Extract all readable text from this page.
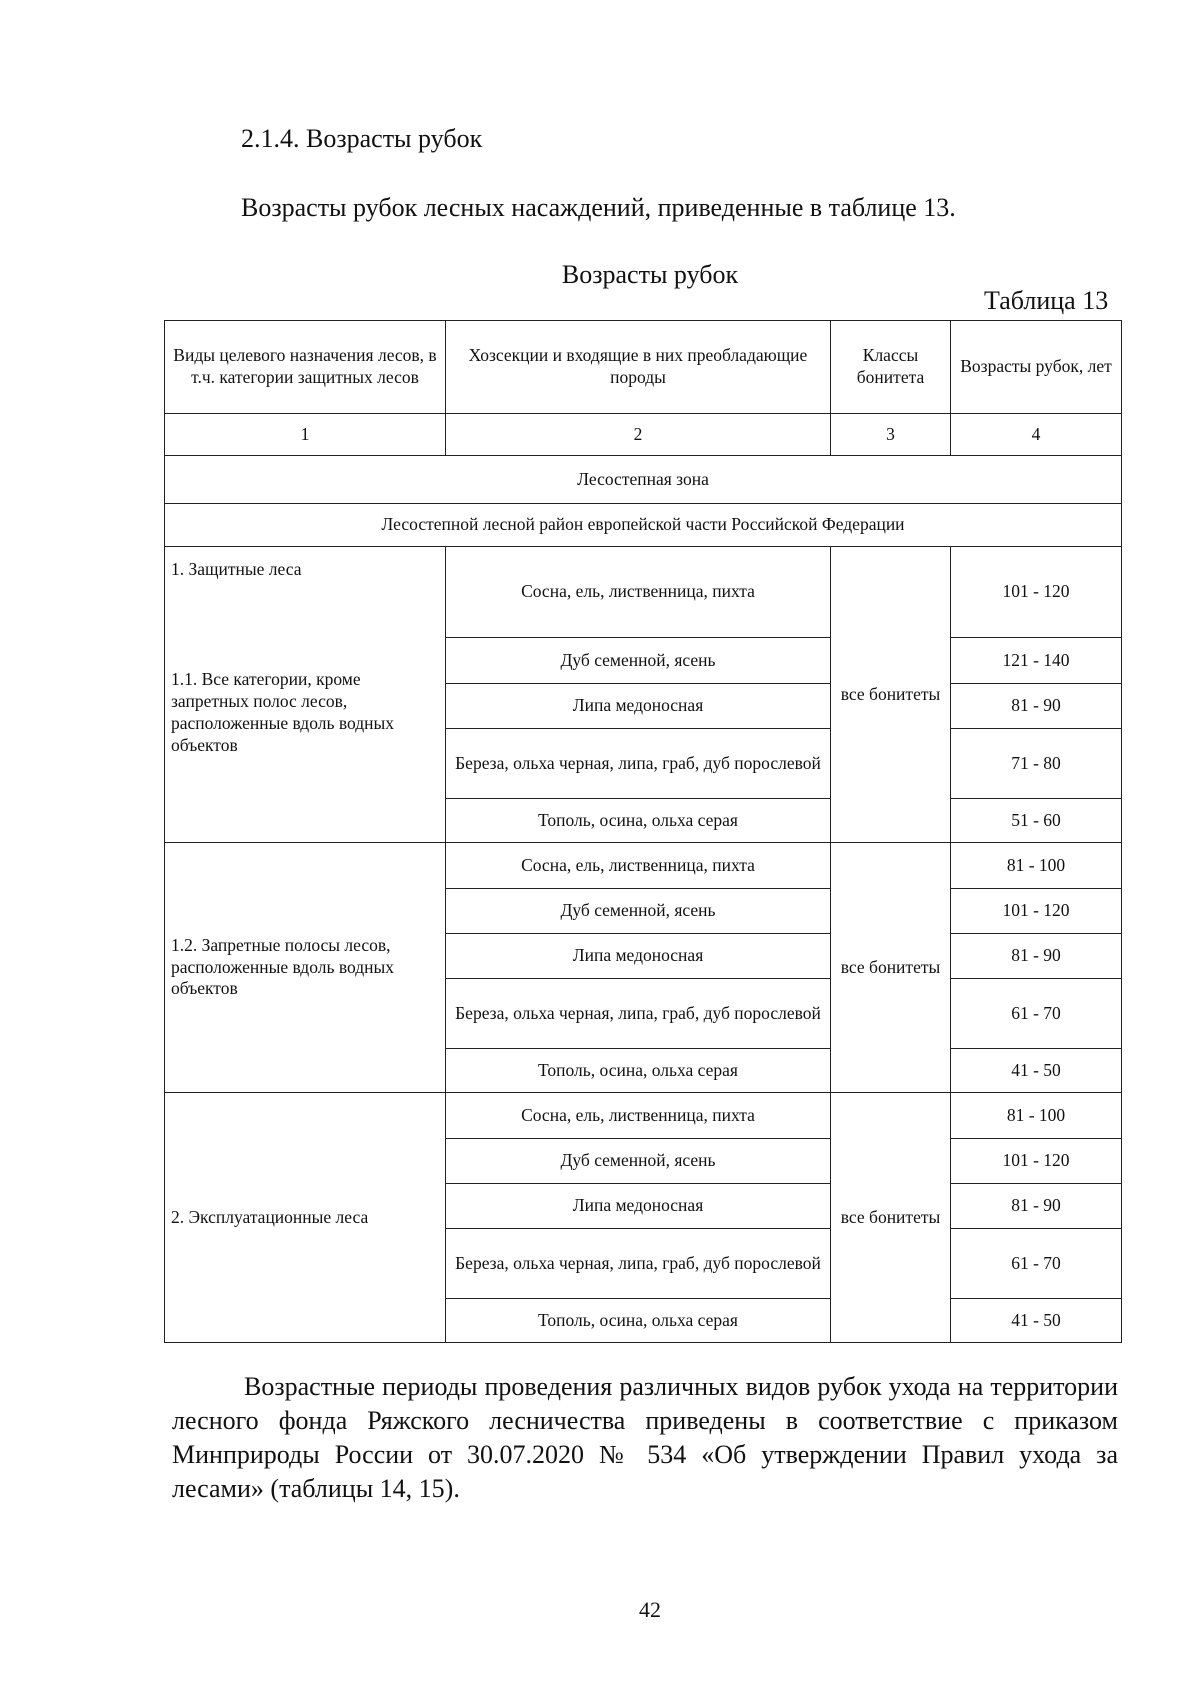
2.1.4. Возрасты рубок
Возрасты рубок лесных насаждений, приведенные в таблице 13.
Возрасты рубок
Таблица 13
Виды целевого назначения лесов, в т.ч. категории защитных лесов	Хозсекции и входящие в них преобладающие породы	Классы бонитета	Возрасты рубок, лет
1	2	3	4
Лесостепная зона			
Лесостепной лесной район европейской части Российской Федерации			

1. Защитные леса
1.1. Все категории, кроме запретных полос лесов, расположенные вдоль водных объектов	Сосна, ель, лиственница, пихта	все бонитеты	101 - 120
	Дуб семенной, ясень		121 - 140
	Липа медоносная		81 - 90
	Береза, ольха черная, липа, граб, дуб порослевой		71 - 80
	Тополь, осина, ольха серая		51 - 60
1.2. Запретные полосы лесов, расположенные вдоль водных объектов	Сосна, ель, лиственница, пихта	все бонитеты	81 - 100
	Дуб семенной, ясень		101 - 120
	Липа медоносная		81 - 90
	Береза, ольха черная, липа, граб, дуб порослевой		61 - 70
	Тополь, осина, ольха серая		41 - 50
2. Эксплуатационные леса	Сосна, ель, лиственница, пихта	все бонитеты	81 - 100
	Дуб семенной, ясень		101 - 120
	Липа медоносная		81 - 90
	Береза, ольха черная, липа, граб, дуб порослевой		61 - 70
	Тополь, осина, ольха серая		41 - 50
Возрастные периоды проведения различных видов рубок ухода на территории лесного фонда Ряжского лесничества приведены в соответствие с приказом Минприроды России от 30.07.2020 № 534 «Об утверждении Правил ухода за лесами» (таблицы 14, 15).
42
